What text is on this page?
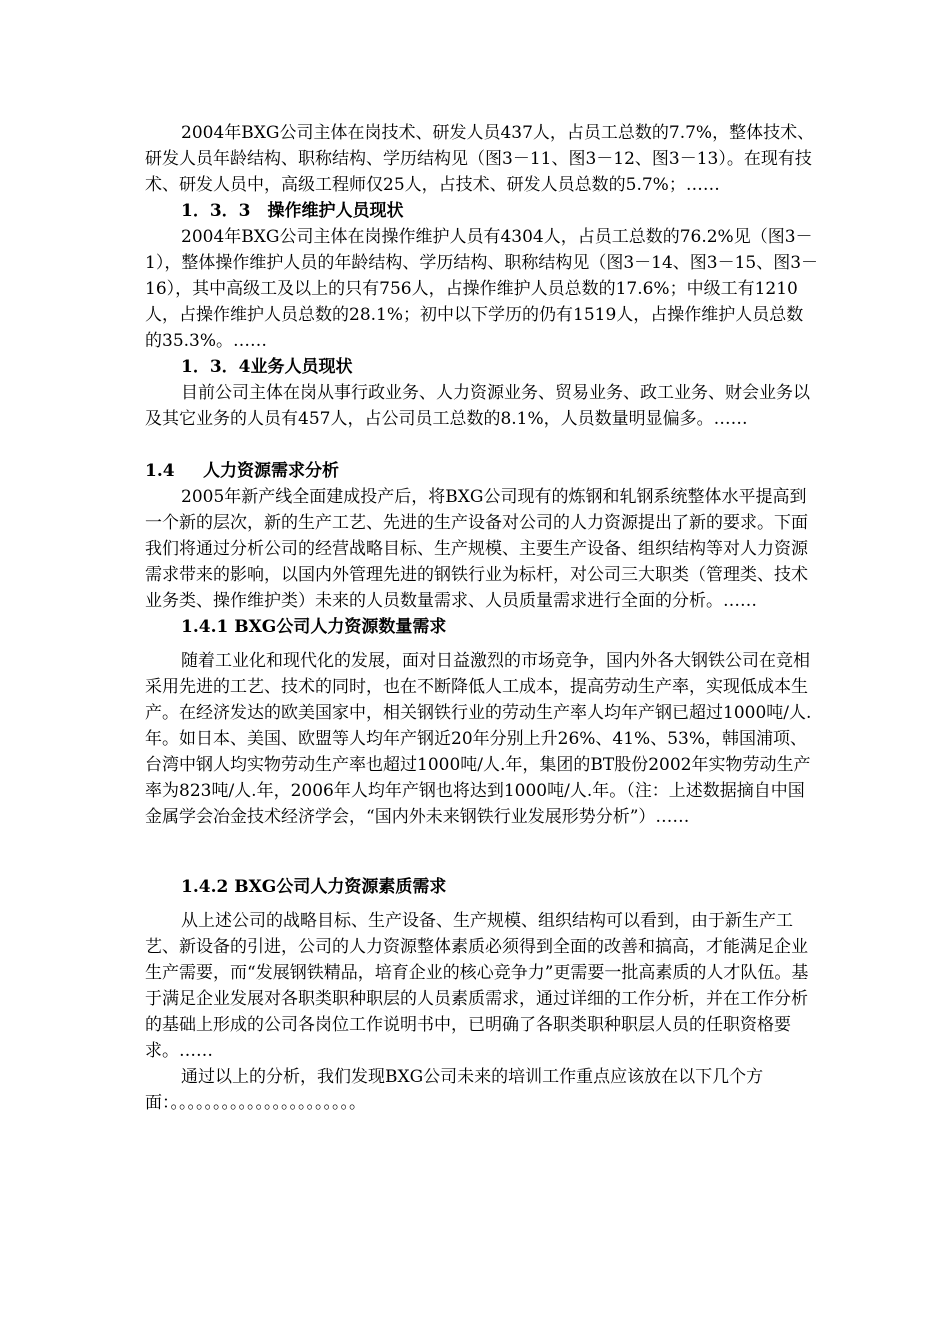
2004年BXG公司主体在岗技术、研发人员437人，占员工总数的7.7%，整体技术、研发人员年龄结构、职称结构、学历结构见（图3－11、图3－12、图3－13）。在现有技术、研发人员中，高级工程师仅25人，占技术、研发人员总数的5.7%；……

1．3．3　操作维护人员现状

2004年BXG公司主体在岗操作维护人员有4304人，占员工总数的76.2%见（图3－1），整体操作维护人员的年龄结构、学历结构、职称结构见（图3－14、图3－15、图3－16），其中高级工及以上的只有756人，占操作维护人员总数的17.6%；中级工有1210人，占操作维护人员总数的28.1%；初中以下学历的仍有1519人，占操作维护人员总数的35.3%。……

1．3．4业务人员现状

目前公司主体在岗从事行政业务、人力资源业务、贸易业务、政工业务、财会业务以及其它业务的人员有457人，占公司员工总数的8.1%，人员数量明显偏多。……

1.4 人力资源需求分析

2005年新产线全面建成投产后，将BXG公司现有的炼钢和轧钢系统整体水平提高到一个新的层次，新的生产工艺、先进的生产设备对公司的人力资源提出了新的要求。下面我们将通过分析公司的经营战略目标、生产规模、主要生产设备、组织结构等对人力资源需求带来的影响，以国内外管理先进的钢铁行业为标杆，对公司三大职类（管理类、技术业务类、操作维护类）未来的人员数量需求、人员质量需求进行全面的分析。……

1.4.1 BXG公司人力资源数量需求

随着工业化和现代化的发展，面对日益激烈的市场竞争，国内外各大钢铁公司在竞相采用先进的工艺、技术的同时，也在不断降低人工成本，提高劳动生产率，实现低成本生产。在经济发达的欧美国家中，相关钢铁行业的劳动生产率人均年产钢已超过1000吨/人.年。如日本、美国、欧盟等人均年产钢近20年分别上升26%、41%、53%，韩国浦项、台湾中钢人均实物劳动生产率也超过1000吨/人.年，集团的BT股份2002年实物劳动生产率为823吨/人.年，2006年人均年产钢也将达到1000吨/人.年。（注：上述数据摘自中国金属学会冶金技术经济学会，“国内外未来钢铁行业发展形势分析”）……

1.4.2 BXG公司人力资源素质需求

从上述公司的战略目标、生产设备、生产规模、组织结构可以看到，由于新生产工艺、新设备的引进，公司的人力资源整体素质必须得到全面的改善和搞高，才能满足企业生产需要，而“发展钢铁精品，培育企业的核心竞争力”更需要一批高素质的人才队伍。基于满足企业发展对各职类职种职层的人员素质需求，通过详细的工作分析，并在工作分析的基础上形成的公司各岗位工作说明书中，已明确了各职类职种职层人员的任职资格要求。……

通过以上的分析，我们发现BXG公司未来的培训工作重点应该放在以下几个方面：。。。。。。。。。。。。。。。。。。。。。。
